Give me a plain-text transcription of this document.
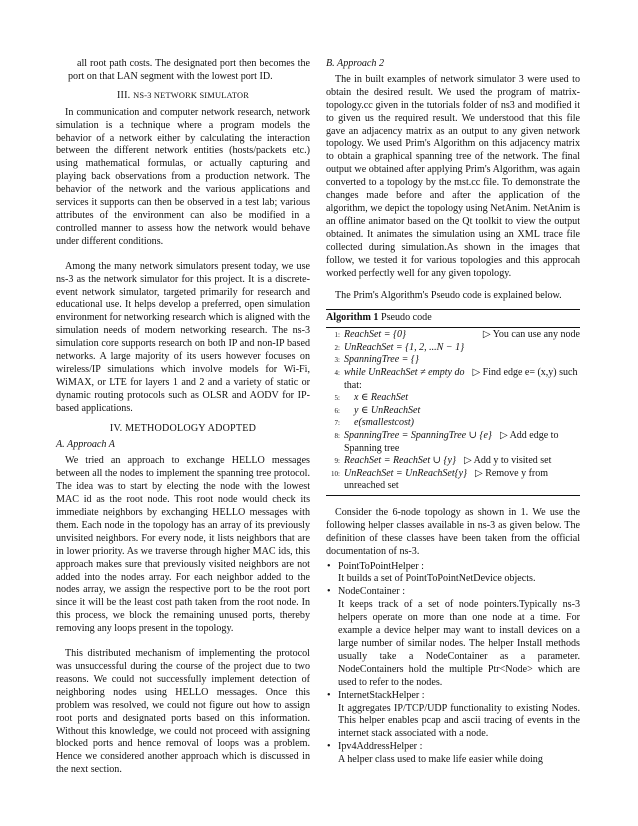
all root path costs. The designated port then becomes the port on that LAN segment with the lowest port ID.

III. NS-3 NETWORK SIMULATOR

In communication and computer network research, network simulation is a technique where a program models the behavior of a network either by calculating the interaction between the different network entities (hosts/packets etc.) using mathematical formulas, or actually capturing and playing back observations from a production network. The behavior of the network and the various applications and services it supports can then be observed in a test lab; various attributes of the environment can also be modified in a controlled manner to assess how the network would behave under different conditions.

Among the many network simulators present today, we use ns-3 as the network simulator for this project. It is a discrete-event network simulator, targeted primarily for research and educational use. It helps develop a preferred, open simulation environment for networking research which is aligned with the simulation needs of modern networking research. The ns-3 simulation core supports research on both IP and non-IP based networks. A large majority of its users however focuses on wireless/IP simulations which involve models for Wi-Fi, WiMAX, or LTE for layers 1 and 2 and a variety of static or dynamic routing protocols such as OLSR and AODV for IP-based applications.

IV. METHODOLOGY ADOPTED
A. Approach A

We tried an approach to exchange HELLO messages between all the nodes to implement the spanning tree protocol. The idea was to start by electing the node with the lowest MAC id as the root node. This root node would check its immediate neighbors by exchanging HELLO messages with them. Each node in the topology has an array of its previously unvisited neighbors. For every node, it lists neighbors that are in lower priority. As we traverse through higher MAC ids, this approach makes sure that previously visited neighbors are not added into the nodes array. For each neighbor added to the nodes array, we assign the respective port to be the root port since it will be the least cost path taken from the root node. In this process, we block the remaining unused ports, thereby removing any loops present in the topology.

This distributed mechanism of implementing the protocol was unsuccessful during the course of the project due to two reasons. We could not successfully implement detection of neighboring nodes using HELLO messages. Once this problem was resolved, we could not figure out how to assign root ports and designated ports based on this information. Without this knowledge, we could not proceed with assigning blocked ports and hence removal of loops was a problem. Hence we considered another approach which is discussed in the next section.

B. Approach 2

The in built examples of network simulator 3 were used to obtain the desired result. We used the program of matrix-topology.cc given in the tutorials folder of ns3 and modified it to given us the required result. We understood that this file gave an adjacency matrix as an output to any given network topology. We used Prim's Algorithm on this adjacency matrix to obtain a graphical spanning tree of the network. The final output we obtained after applying Prim's Algorithm, was again converted to a topology by the mst.cc file. To demonstrate the changes made before and after the application of the algorithm, we depict the topology using NetAnim. NetAnim is an offline animator based on the Qt toolkit to view the output obtained. It animates the simulation using an XML trace file collected during simulation.As shown in the images that follow, we tested it for various topologies and this approcah worked perfectly well for any given topology.

The Prim's Algorithm's Pseudo code is explained below.

Algorithm 1 Pseudo code
1: ReachSet = {0}	▷ You can use any node
2: UnReachSet = {1, 2, ...N − 1}
3: SpanningTree = {}
4: while UnReachSet ≠ empty do ▷ Find edge e= (x,y) such that:
5:	x ∈ ReachSet
6:	y ∈ UnReachSet
7:	e(smallestcost)
8: SpanningTree = SpanningTree ∪ {e} ▷ Add edge to Spanning tree
9: ReachSet = ReachSet ∪ {y} ▷ Add y to visited set
10: UnReachSet = UnReachSet{y} ▷ Remove y from unreached set

Consider the 6-node topology as shown in 1. We use the following helper classes available in ns-3 as given below. The definition of these classes have been taken from the official documentation of ns-3.

• PointToPointHelper :
It builds a set of PointToPointNetDevice objects.
• NodeContainer :
It keeps track of a set of node pointers.Typically ns-3 helpers operate on more than one node at a time. For example a device helper may want to install devices on a large number of similar nodes. The helper Install methods usually take a NodeContainer as a parameter. NodeContainers hold the multiple Ptr<Node> which are used to refer to the nodes.
• InternetStackHelper :
It aggregates IP/TCP/UDP functionality to existing Nodes. This helper enables pcap and ascii tracing of events in the internet stack associated with a node.
• Ipv4AddressHelper :
A helper class used to make life easier while doing
